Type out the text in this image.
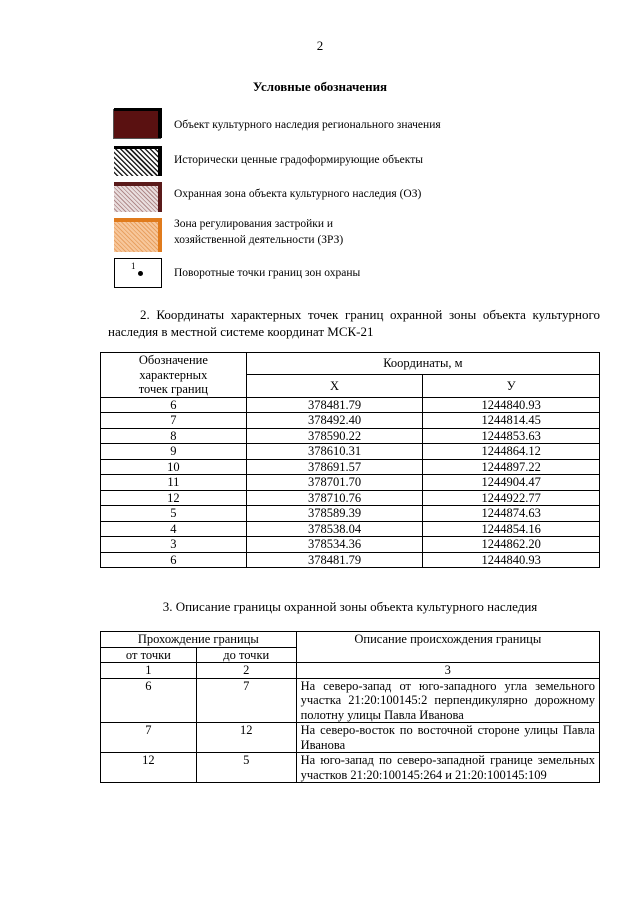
2
Условные обозначения
Объект культурного наследия регионального значения
Исторически ценные градоформирующие объекты
Охранная зона объекта культурного наследия (ОЗ)
Зона регулирования застройки и
хозяйственной деятельности (ЗРЗ)
1
Поворотные точки границ зон охраны
2. Координаты характерных точек границ охранной зоны объекта культурного наследия в местной системе координат МСК-21
Обозначение
характерных
точек границ	Координаты, м	
	X	У
6	378481.79	1244840.93
7	378492.40	1244814.45
8	378590.22	1244853.63
9	378610.31	1244864.12
10	378691.57	1244897.22
11	378701.70	1244904.47
12	378710.76	1244922.77
5	378589.39	1244874.63
4	378538.04	1244854.16
3	378534.36	1244862.20
6	378481.79	1244840.93
3. Описание границы охранной зоны объекта культурного наследия
Прохождение границы		Описание происхождения границы
от точки	до точки	
1	2	3
6	7	На северо-запад от юго-западного угла земельного участка 21:20:100145:2 перпендикулярно дорожному полотну улицы Павла Иванова
7	12	На северо-восток по восточной стороне улицы Павла Иванова
12	5	На юго-запад по северо-западной границе земельных участков 21:20:100145:264 и 21:20:100145:109
